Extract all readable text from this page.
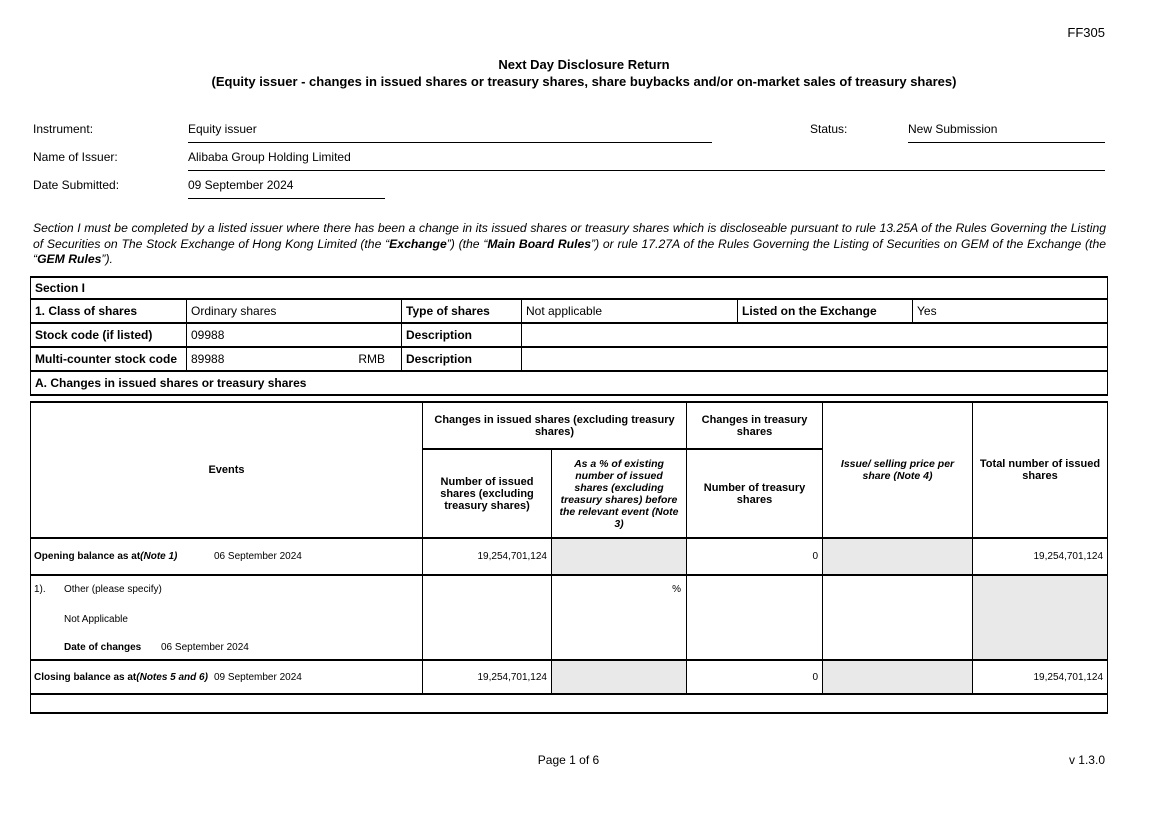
FF305
Next Day Disclosure Return
(Equity issuer - changes in issued shares or treasury shares, share buybacks and/or on-market sales of treasury shares)
Instrument:	Equity issuer	Status:	New Submission
Name of Issuer:	Alibaba Group Holding Limited
Date Submitted:	09 September 2024

Section I must be completed by a listed issuer where there has been a change in its issued shares or treasury shares which is discloseable pursuant to rule 13.25A of the Rules Governing the Listing of Securities on The Stock Exchange of Hong Kong Limited (the “Exchange”) (the “Main Board Rules”) or rule 17.27A of the Rules Governing the Listing of Securities on GEM of the Exchange (the “GEM Rules”).

Section I					
1. Class of shares	Ordinary shares	Type of shares	Not applicable	Listed on the Exchange	Yes
Stock code (if listed)	09988	Description			
Multi-counter stock code	89988 RMB	Description			
A. Changes in issued shares or treasury shares					
Events	Changes in issued shares (excluding treasury shares)		Changes in treasury shares	Issue/ selling price per share (Note 4)	Total number of issued shares
	Number of issued shares (excluding treasury shares)	As a % of existing number of issued shares (excluding treasury shares) before the relevant event (Note 3)	Number of treasury shares		

Opening balance as at (Note 1) 06 September 2024	19,254,701,124		0		19,254,701,124

1). Other (please specify)
Not Applicable
Date of changes 06 September 2024		%			

Closing balance as at (Notes 5 and 6) 09 September 2024	19,254,701,124		0		19,254,701,124

Page 1 of 6	v 1.3.0
